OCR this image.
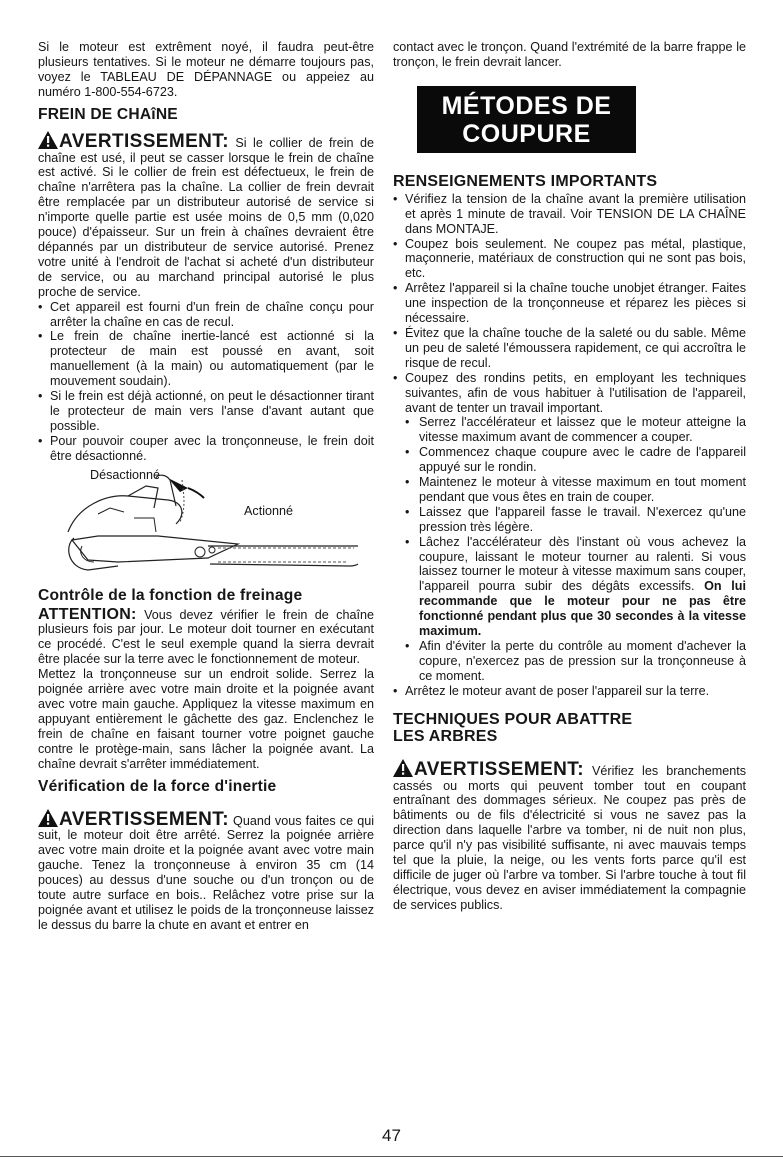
Si le moteur est extrêment noyé, il faudra peut-être plusieurs tentatives. Si le moteur ne démarre toujours pas, voyez le TABLEAU DE DÉPANNAGE ou appeiez au numéro 1-800-554-6723.

FREIN DE CHAîNE
AVERTISSEMENT: Si le collier de frein de chaîne est usé, il peut se casser lorsque le frein de chaîne est activé. Si le collier de frein est défectueux, le frein de chaîne n'arrêtera pas la chaîne. La collier de frein devrait être remplacée par un distributeur autorisé de service si n'importe quelle partie est usée moins de 0,5 mm (0,020 pouce) d'épaisseur. Sur un frein à chaînes devraient être dépannés par un distributeur de service autorisé. Prenez votre unité à l'endroit de l'achat si acheté d'un distributeur de service, ou au marchand principal autorisé le plus proche de service.
• Cet appareil est fourni d'un frein de chaîne conçu pour arrêter la chaîne en cas de recul.
• Le frein de chaîne inertie-lancé est actionné si la protecteur de main est poussé en avant, soit manuellement (à la main) ou automatiquement (par le mouvement soudain).
• Si le frein est déjà actionné, on peut le désactionner tirant le protecteur de main vers l'anse d'avant autant que possible.
• Pour pouvoir couper avec la tronçonneuse, le frein doit être désactionné.
Désactionné
Actionné
Contrôle de la fonction de freinage

ATTENTION: Vous devez vérifier le frein de chaîne plusieurs fois par jour. Le moteur doit tourner en exécutant ce procédé. C'est le seul exemple quand la sierra devrait être placée sur la terre avec le fonctionnement de moteur.

Mettez la tronçonneuse sur un endroit solide. Serrez la poignée arrière avec votre main droite et la poignée avant avec votre main gauche. Appliquez la vitesse maximum en appuyant entièrement le gâchette des gaz. Enclenchez le frein de chaîne en faisant tourner votre poignet gauche contre le protège-main, sans lâcher la poignée avant. La chaîne devrait s'arrêter immédiatement.

Vérification de la force d'inertie
AVERTISSEMENT: Quand vous faites ce qui suit, le moteur doit être arrêté. Serrez la poignée arrière avec votre main droite et la poignée avant avec votre main gauche. Tenez la tronçonneuse à environ 35 cm (14 pouces) au dessus d'une souche ou d'un tronçon ou de toute autre surface en bois.. Relâchez votre prise sur la poignée avant et utilisez le poids de la tronçonneuse laissez le dessus du barre la chute en avant et entrer en

contact avec le tronçon. Quand l'extrémité de la barre frappe le tronçon, le frein devrait lancer.

MÉTODES DE
COUPURE
RENSEIGNEMENTS IMPORTANTS
• Vérifiez la tension de la chaîne avant la première utilisation et après 1 minute de travail. Voir TENSION DE LA CHAÎNE dans MONTAJE.
• Coupez bois seulement. Ne coupez pas métal, plastique, maçonnerie, matériaux de construction qui ne sont pas bois, etc.
• Arrêtez l'appareil si la chaîne touche unobjet étranger. Faites une inspection de la tronçonneuse et réparez les pièces si nécessaire.
• Évitez que la chaîne touche de la saleté ou du sable. Même un peu de saleté l'émoussera rapidement, ce qui accroîtra le risque de recul.
• Coupez des rondins petits, en employant les techniques suivantes, afin de vous habituer à l'utilisation de l'appareil, avant de tenter un travail important.
• Serrez l'accélérateur et laissez que le moteur atteigne la vitesse maximum avant de commencer a couper.
• Commencez chaque coupure avec le cadre de l'appareil appuyé sur le rondin.
• Maintenez le moteur à vitesse maximum en tout moment pendant que vous êtes en train de couper.
• Laissez que l'appareil fasse le travail. N'exercez qu'une pression très légère.
• Lâchez l'accélérateur dès l'instant où vous achevez la coupure, laissant le moteur tourner au ralenti. Si vous laissez tourner le moteur à vitesse maximum sans couper, l'appareil pourra subir des dégâts excessifs. On lui recommande que le moteur pour ne pas être fonctionné pendant plus que 30 secondes à la vitesse maximum.
• Afin d'éviter la perte du contrôle au moment d'achever la copure, n'exercez pas de pression sur la tronçonneuse à ce moment.
• Arrêtez le moteur avant de poser l'appareil sur la terre.
TECHNIQUES POUR ABATTRE
LES ARBRES
AVERTISSEMENT: Vérifiez les branchements cassés ou morts qui peuvent tomber tout en coupant entraînant des dommages sérieux. Ne coupez pas près de bâtiments ou de fils d'électricité si vous ne savez pas la direction dans laquelle l'arbre va tomber, ni de nuit non plus, parce qu'il n'y pas visibilité suffisante, ni avec mauvais temps tel que la pluie, la neige, ou les vents forts parce qu'il est difficile de juger où l'arbre va tomber. Si l'arbre touche à tout fil électrique, vous devez en aviser immédiatement la compagnie de services publics.
47
